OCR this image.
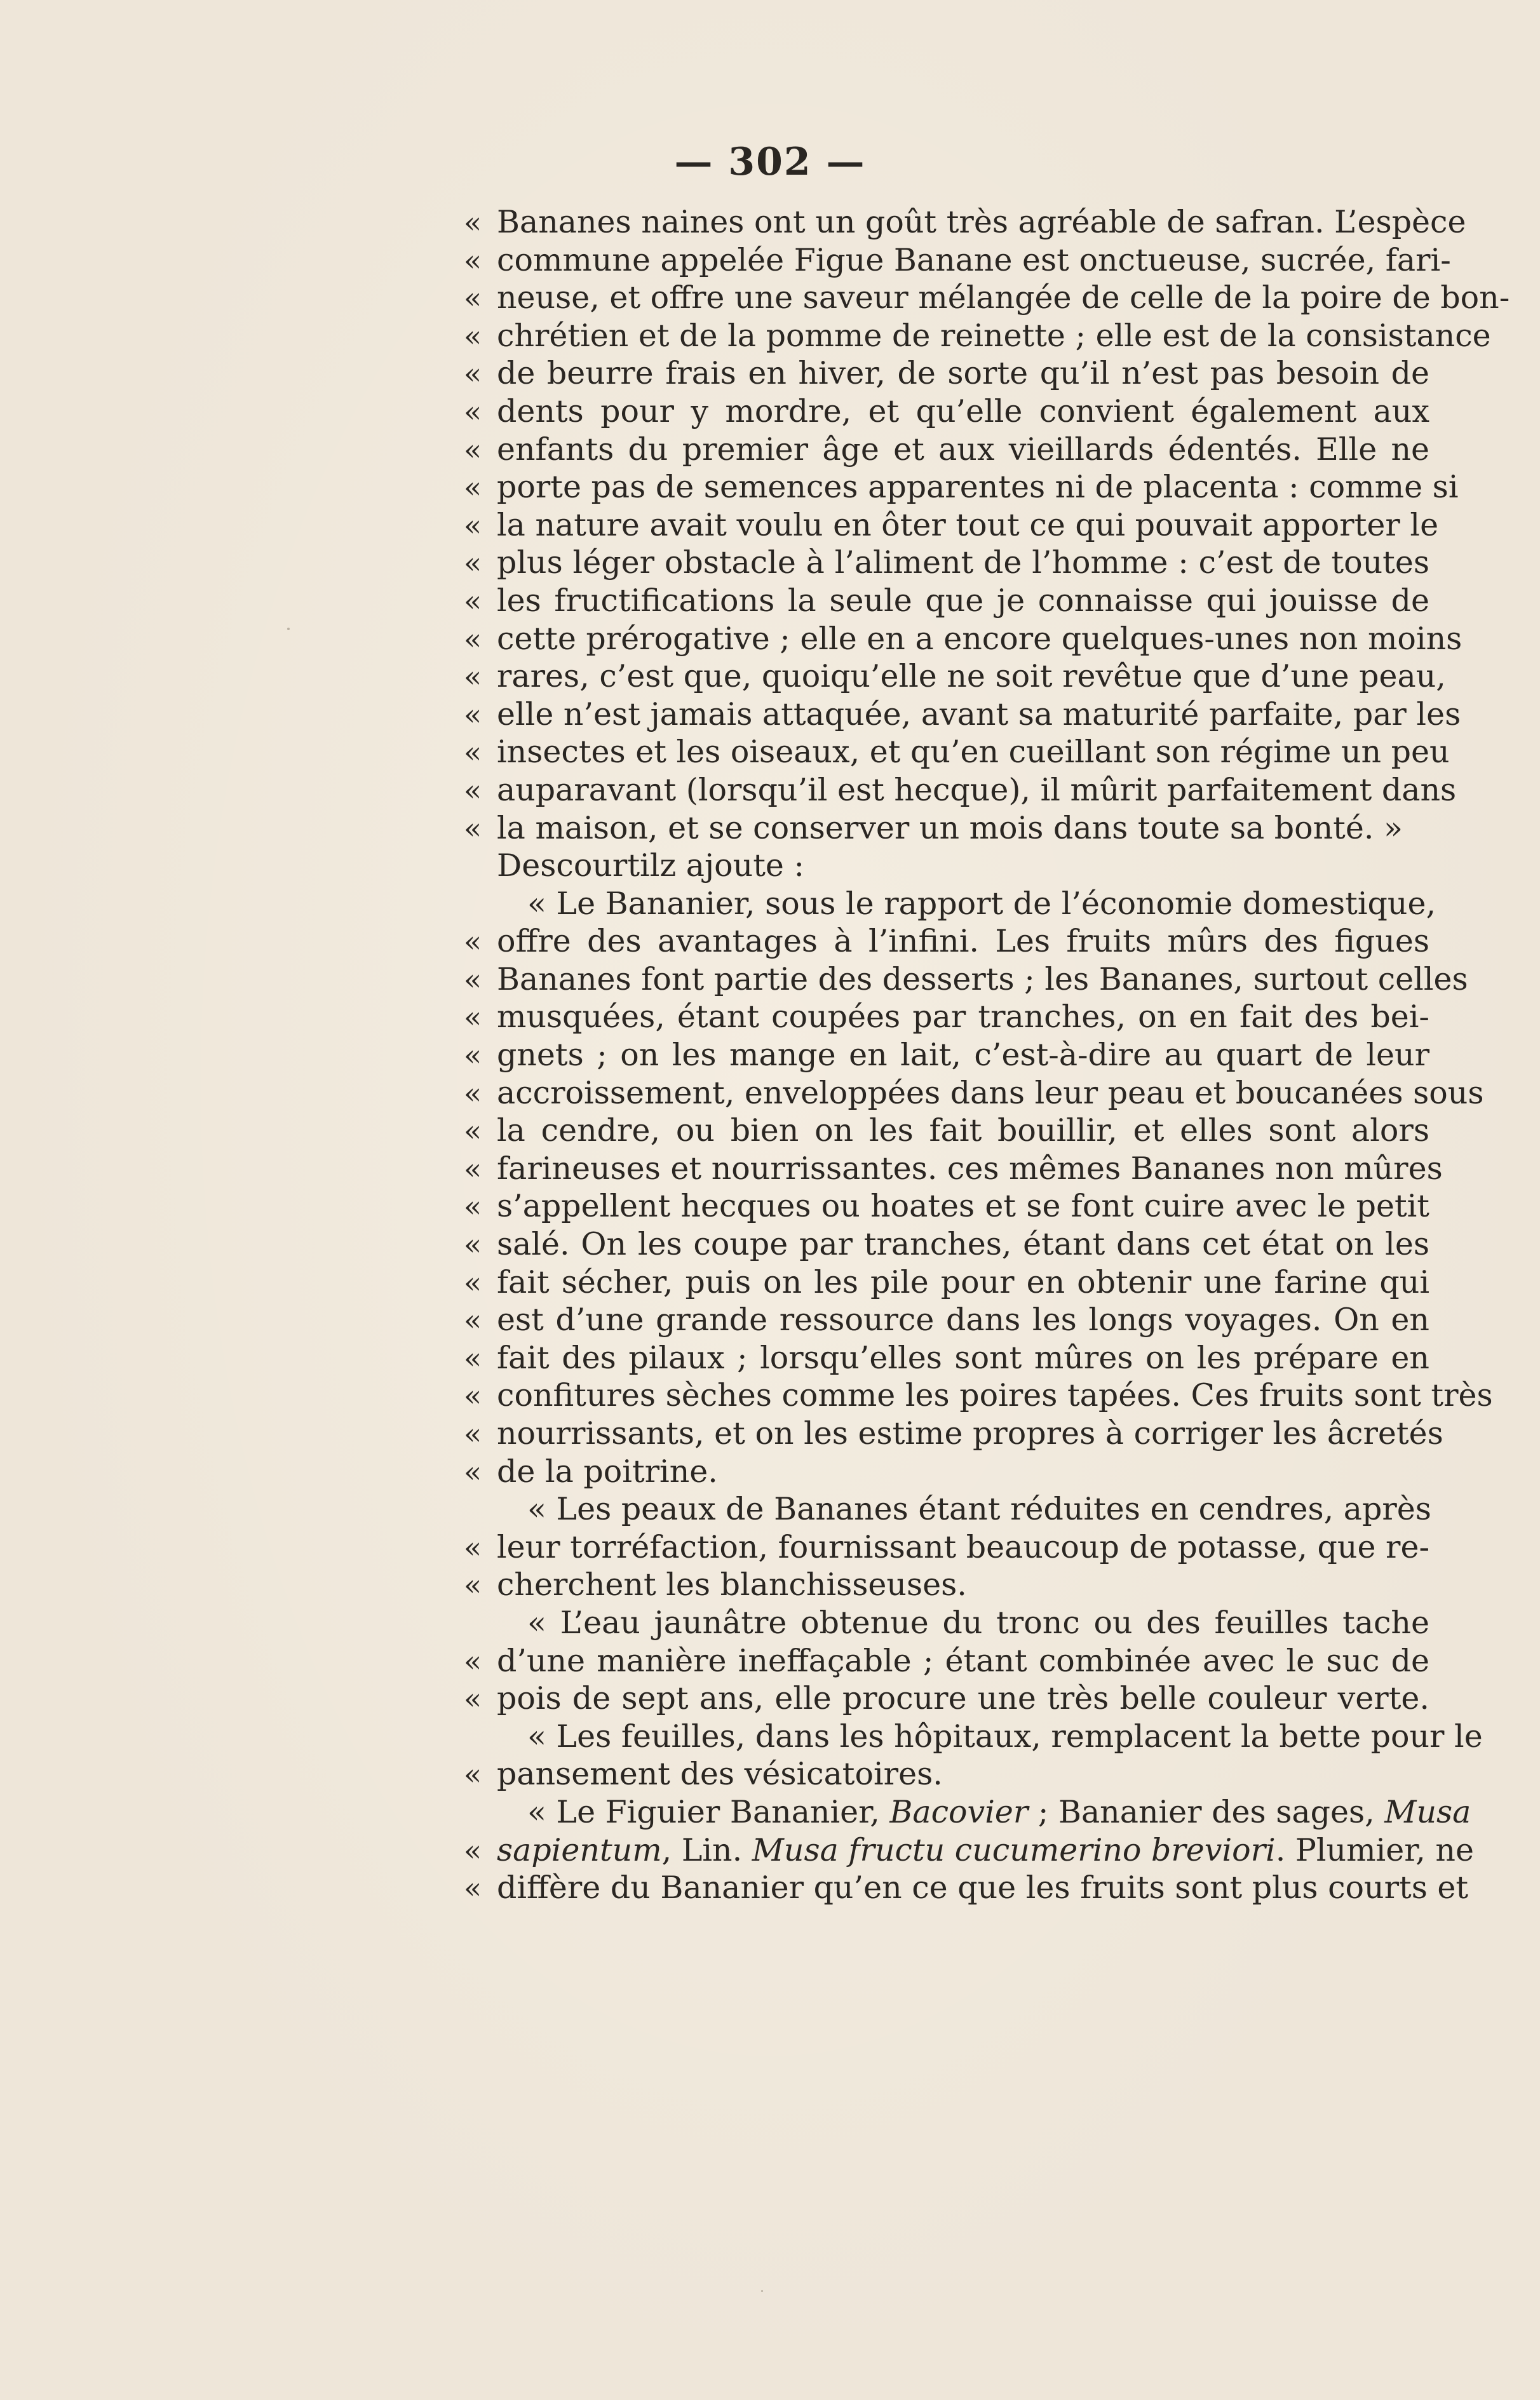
— 302 —
« Bananes naines ont un goût très agréable de safran. L’espèce
« commune appelée Figue Banane est onctueuse, sucrée, fari-
« neuse, et offre une saveur mélangée de celle de la poire de bon-
« chrétien et de la pomme de reinette ; elle est de la consistance
« de beurre frais en hiver, de sorte qu’il n’est pas besoin de
« dents pour y mordre, et qu’elle convient également aux
« enfants du premier âge et aux vieillards édentés. Elle ne
« porte pas de semences apparentes ni de placenta : comme si
« la nature avait voulu en ôter tout ce qui pouvait apporter le
« plus léger obstacle à l’aliment de l’homme : c’est de toutes
« les fructifications la seule que je connaisse qui jouisse de
« cette prérogative ; elle en a encore quelques-unes non moins
« rares, c’est que, quoiqu’elle ne soit revêtue que d’une peau,
« elle n’est jamais attaquée, avant sa maturité parfaite, par les
« insectes et les oiseaux, et qu’en cueillant son régime un peu
« auparavant (lorsqu’il est hecque), il mûrit parfaitement dans
« la maison, et se conserver un mois dans toute sa bonté. »
Descourtilz ajoute :
« Le Bananier, sous le rapport de l’économie domestique,
« offre des avantages à l’infini. Les fruits mûrs des figues
« Bananes font partie des desserts ; les Bananes, surtout celles
« musquées, étant coupées par tranches, on en fait des bei-
« gnets ; on les mange en lait, c’est-à-dire au quart de leur
« accroissement, enveloppées dans leur peau et boucanées sous
« la cendre, ou bien on les fait bouillir, et elles sont alors
« farineuses et nourrissantes. ces mêmes Bananes non mûres
« s’appellent hecques ou hoates et se font cuire avec le petit
« salé. On les coupe par tranches, étant dans cet état on les
« fait sécher, puis on les pile pour en obtenir une farine qui
« est d’une grande ressource dans les longs voyages. On en
« fait des pilaux ; lorsqu’elles sont mûres on les prépare en
« confitures sèches comme les poires tapées. Ces fruits sont très
« nourrissants, et on les estime propres à corriger les âcretés
« de la poitrine.
« Les peaux de Bananes étant réduites en cendres, après
« leur torréfaction, fournissant beaucoup de potasse, que re-
« cherchent les blanchisseuses.
« L’eau jaunâtre obtenue du tronc ou des feuilles tache
« d’une manière ineffaçable ; étant combinée avec le suc de
« pois de sept ans, elle procure une très belle couleur verte.
« Les feuilles, dans les hôpitaux, remplacent la bette pour le
« pansement des vésicatoires.
« Le Figuier Bananier, Bacovier ; Bananier des sages, Musa
« sapientum, Lin. Musa fructu cucumerino breviori. Plumier, ne
« diffère du Bananier qu’en ce que les fruits sont plus courts et
